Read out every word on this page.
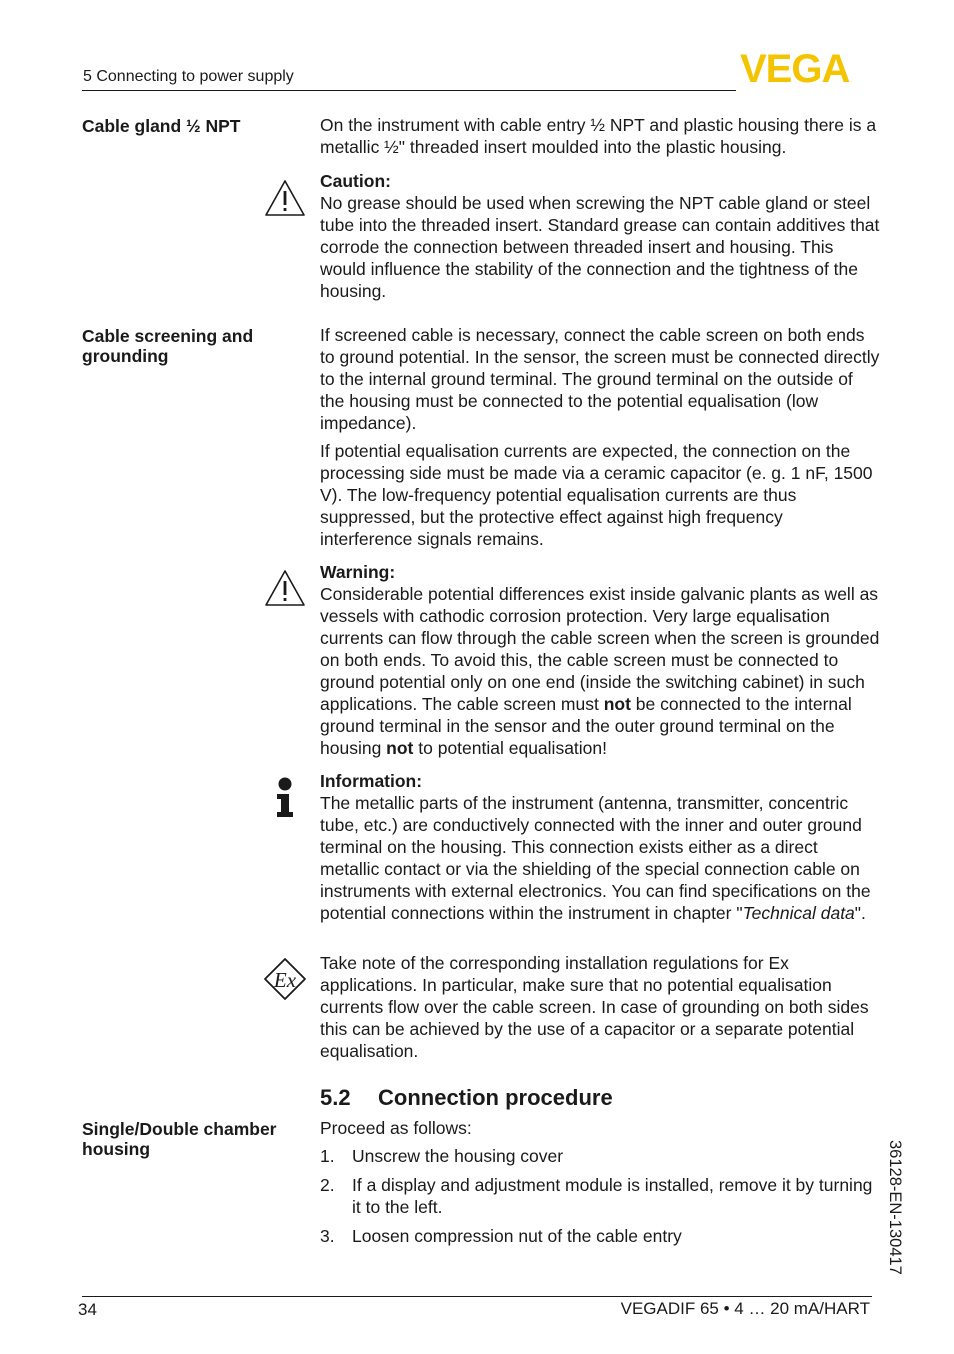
5 Connecting to power supply	VEGA
Cable gland ½ NPT	On the instrument with cable entry ½ NPT and plastic housing there is a metallic ½" threaded insert moulded into the plastic housing.

Caution:

No grease should be used when screwing the NPT cable gland or steel tube into the threaded insert. Standard grease can contain additives that corrode the connection between threaded insert and housing. This would influence the stability of the connection and the tightness of the housing.

Cable screening and grounding

If screened cable is necessary, connect the cable screen on both ends to ground potential. In the sensor, the screen must be connected directly to the internal ground terminal. The ground terminal on the outside of the housing must be connected to the potential equalisation (low impedance).

If potential equalisation currents are expected, the connection on the processing side must be made via a ceramic capacitor (e. g. 1 nF, 1500 V). The low-frequency potential equalisation currents are thus suppressed, but the protective effect against high frequency interference signals remains.

Warning:

Considerable potential differences exist inside galvanic plants as well as vessels with cathodic corrosion protection. Very large equalisation currents can flow through the cable screen when the screen is grounded on both ends. To avoid this, the cable screen must be connected to ground potential only on one end (inside the switching cabinet) in such applications. The cable screen must not be connected to the internal ground terminal in the sensor and the outer ground terminal on the housing not to potential equalisation!

Information:

The metallic parts of the instrument (antenna, transmitter, concentric tube, etc.) are conductively connected with the inner and outer ground terminal on the housing. This connection exists either as a direct metallic contact or via the shielding of the special connection cable on instruments with external electronics. You can find specifications on the potential connections within the instrument in chapter "Technical data".

Ex

Take note of the corresponding installation regulations for Ex applications. In particular, make sure that no potential equalisation currents flow over the cable screen. In case of grounding on both sides this can be achieved by the use of a capacitor or a separate potential equalisation.

5.2 Connection procedure
Single/Double chamber housing
Proceed as follows:
1. Unscrew the housing cover
2. If a display and adjustment module is installed, remove it by turning it to the left.
3. Loosen compression nut of the cable entry	36128-EN-130417
34	VEGADIF 65 • 4 … 20 mA/HART
